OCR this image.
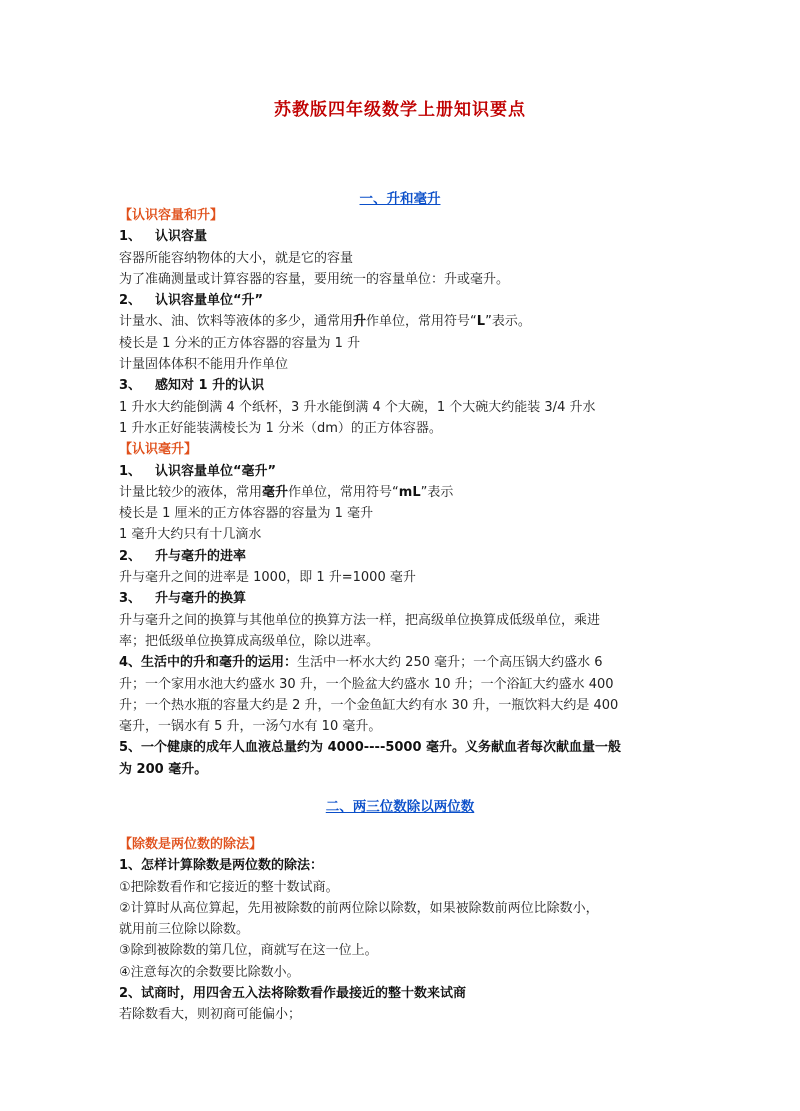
苏教版四年级数学上册知识要点
一、升和毫升
【认识容量和升】
1、 认识容量
容器所能容纳物体的大小，就是它的容量
为了准确测量或计算容器的容量，要用统一的容量单位：升或毫升。
2、 认识容量单位“升”
计量水、油、饮料等液体的多少，通常用升作单位，常用符号“L”表示。
棱长是 1 分米的正方体容器的容量为 1 升
计量固体体积不能用升作单位
3、 感知对 1 升的认识
1 升水大约能倒满 4 个纸杯，3 升水能倒满 4 个大碗，1 个大碗大约能装 3/4 升水
1 升水正好能装满棱长为 1 分米（dm）的正方体容器。
【认识毫升】
1、 认识容量单位“毫升”
计量比较少的液体，常用毫升作单位，常用符号“mL”表示
棱长是 1 厘米的正方体容器的容量为 1 毫升
1 毫升大约只有十几滴水
2、 升与毫升的进率
升与毫升之间的进率是 1000，即 1 升=1000 毫升
3、 升与毫升的换算
升与毫升之间的换算与其他单位的换算方法一样，把高级单位换算成低级单位，乘进
率；把低级单位换算成高级单位，除以进率。
4、生活中的升和毫升的运用：生活中一杯水大约 250 毫升；一个高压锅大约盛水 6
升；一个家用水池大约盛水 30 升，一个脸盆大约盛水 10 升；一个浴缸大约盛水 400
升；一个热水瓶的容量大约是 2 升，一个金鱼缸大约有水 30 升，一瓶饮料大约是 400
毫升，一锅水有 5 升，一汤勺水有 10 毫升。
5、一个健康的成年人血液总量约为 4000----5000 毫升。义务献血者每次献血量一般
为 200 毫升。
二、两三位数除以两位数
【除数是两位数的除法】
1、怎样计算除数是两位数的除法：
①把除数看作和它接近的整十数试商。
②计算时从高位算起，先用被除数的前两位除以除数，如果被除数前两位比除数小，
就用前三位除以除数。
③除到被除数的第几位，商就写在这一位上。
④注意每次的余数要比除数小。
2、试商时，用四舍五入法将除数看作最接近的整十数来试商
若除数看大，则初商可能偏小；
